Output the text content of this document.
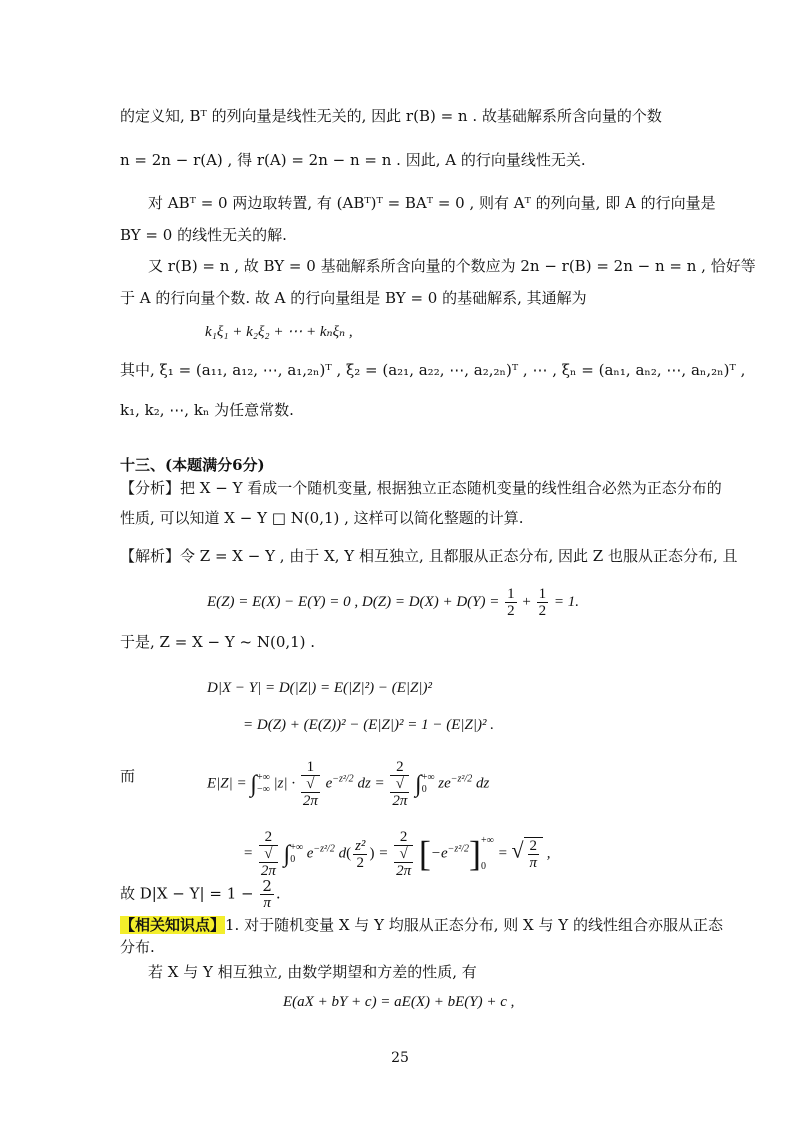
的定义知, Bᵀ 的列向量是线性无关的, 因此 r(B) = n . 故基础解系所含向量的个数
n = 2n − r(A) , 得 r(A) = 2n − n = n . 因此, A 的行向量线性无关.
对 ABᵀ = 0 两边取转置, 有 (ABᵀ)ᵀ = BAᵀ = 0 , 则有 Aᵀ 的列向量, 即 A 的行向量是
BY = 0 的线性无关的解.
又 r(B) = n , 故 BY = 0 基础解系所含向量的个数应为 2n − r(B) = 2n − n = n , 恰好等
于 A 的行向量个数. 故 A 的行向量组是 BY = 0 的基础解系, 其通解为
k₁ξ₁ + k₂ξ₂ + ⋯ + kₙξₙ ,
其中, ξ₁ = (a₁₁, a₁₂, ⋯, a₁,₂ₙ)ᵀ , ξ₂ = (a₂₁, a₂₂, ⋯, a₂,₂ₙ)ᵀ , ⋯ , ξₙ = (aₙ₁, aₙ₂, ⋯, aₙ,₂ₙ)ᵀ ,
k₁, k₂, ⋯, kₙ 为任意常数.
十三、(本题满分6分)
【分析】把 X − Y 看成一个随机变量, 根据独立正态随机变量的线性组合必然为正态分布的
性质, 可以知道 X − Y □ N(0,1) , 这样可以简化整题的计算.
【解析】令 Z = X − Y , 由于 X, Y 相互独立, 且都服从正态分布, 因此 Z 也服从正态分布, 且
E(Z) = E(X) − E(Y) = 0 , $D(Z) = D(X) + D(Y) = \frac{1}{2} + \frac{1}{2} = 1$.
于是, Z = X − Y ~ N(0,1) .
D|X − Y| = D(|Z|) = E(|Z|²) − (E|Z|)²
= D(Z) + (E(Z))² − (E|Z|)² = 1 − (E|Z|)² .
而	E|Z| = ∫ +∞
−∞ |z| · 1
√
2π $e^{-z^2/2}$ dz = 2
√
2π ∫ +∞
0 $ze^{-z^2/2}$ dz
= 2
√
2π ∫ +∞
0 $e^{-z^2/2}$ $d( \frac{\text{z²}}{2}$ ) = 2
√
2π $[-e^{-z^2/2}]$ +∞
0
= √ $\frac{2}{\pi}$ ,
故 $D|X - Y| = 1 - \frac{2}{\pi}$ .
【相关知识点】1. 对于随机变量 X 与 Y 均服从正态分布, 则 X 与 Y 的线性组合亦服从正态
分布.
若 X 与 Y 相互独立, 由数学期望和方差的性质, 有
E(aX + bY + c) = aE(X) + bE(Y) + c ,
25
